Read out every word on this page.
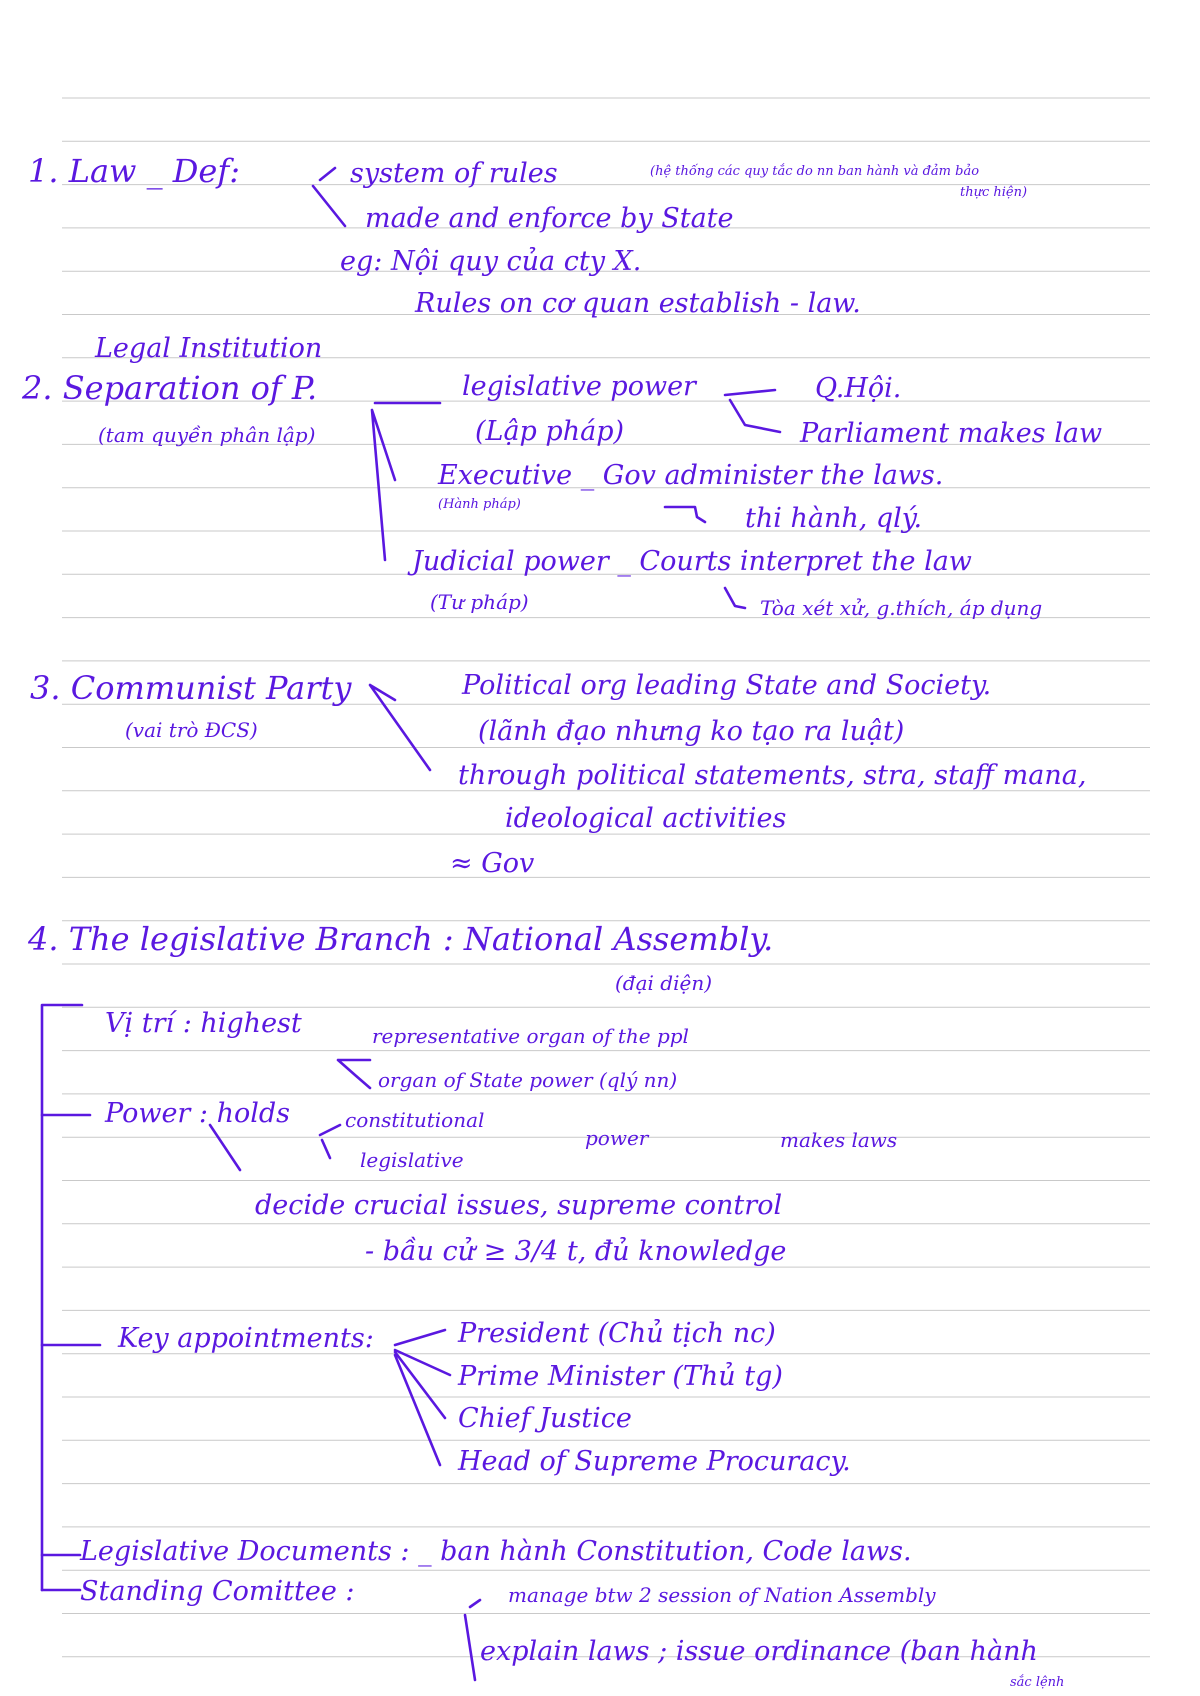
1. Law _ Def:	system of rules	(hệ thống các quy tắc do nn ban hành và đảm bảo
thực hiện)
made and enforce by State
eg: Nội quy của cty X.
Rules on cơ quan establish - law.
Legal Institution
2. Separation of P.
(tam quyền phân lập)
legislative power
(Lập pháp)
Q.Hội.
Parliament makes law
Executive _ Gov administer the laws.
(Hành pháp)	thi hành, qlý.
Judicial power _ Courts interpret the law
(Tư pháp)	Tòa xét xử, g.thích, áp dụng
3. Communist Party
(vai trò ĐCS)
Political org leading State and Society.
(lãnh đạo nhưng ko tạo ra luật)
through political statements, stra, staff mana,
ideological activities
≈ Gov
4. The legislative Branch : National Assembly.
(đại diện)
Vị trí : highest	representative organ of the ppl
organ of State power (qlý nn)
Power : holds	constitutional
legislative
power	makes laws
decide crucial issues, supreme control
- bầu cử ≥ 3/4 t, đủ knowledge
Key appointments:	President (Chủ tịch nc)
Prime Minister (Thủ tg)
Chief Justice
Head of Supreme Procuracy.
Legislative Documents : _ ban hành Constitution, Code laws.
Standing Comittee :	manage btw 2 session of Nation Assembly
explain laws ; issue ordinance (ban hành
sắc lệnh
